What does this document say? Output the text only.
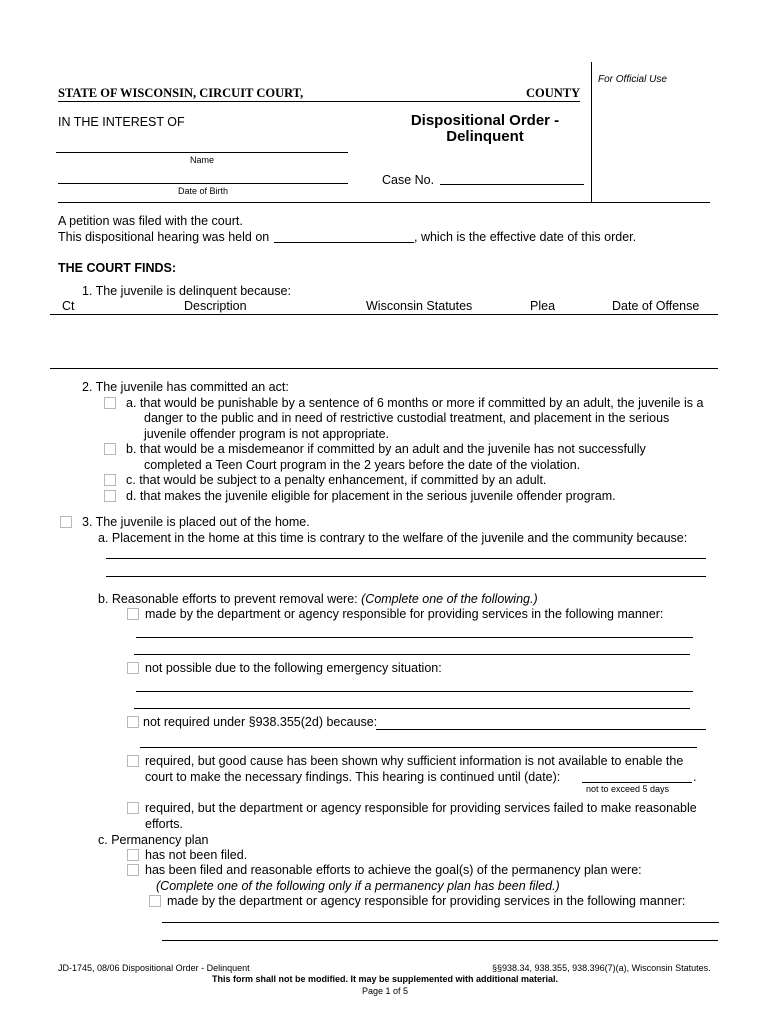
For Official Use
STATE OF WISCONSIN, CIRCUIT COURT,	COUNTY
IN THE INTEREST OF	Dispositional Order -
Delinquent
Name
Date of Birth
Case No.
A petition was filed with the court.
This dispositional hearing was held on	, which is the effective date of this order.
THE COURT FINDS:
1. The juvenile is delinquent because:
Ct	Description	Wisconsin Statutes	Plea	Date of Offense
2. The juvenile has committed an act:
a. that would be punishable by a sentence of 6 months or more if committed by an adult, the juvenile is a
danger to the public and in need of restrictive custodial treatment, and placement in the serious
juvenile offender program is not appropriate.
b. that would be a misdemeanor if committed by an adult and the juvenile has not successfully
completed a Teen Court program in the 2 years before the date of the violation.
c. that would be subject to a penalty enhancement, if committed by an adult.
d. that makes the juvenile eligible for placement in the serious juvenile offender program.
3. The juvenile is placed out of the home.
a. Placement in the home at this time is contrary to the welfare of the juvenile and the community because:
b. Reasonable efforts to prevent removal were: (Complete one of the following.)
made by the department or agency responsible for providing services in the following manner:
not possible due to the following emergency situation:
not required under §938.355(2d) because:
required, but good cause has been shown why sufficient information is not available to enable the
court to make the necessary findings. This hearing is continued until (date):	.
not to exceed 5 days
required, but the department or agency responsible for providing services failed to make reasonable
efforts.
c. Permanency plan
has not been filed.
has been filed and reasonable efforts to achieve the goal(s) of the permanency plan were:
(Complete one of the following only if a permanency plan has been filed.)
made by the department or agency responsible for providing services in the following manner:
JD-1745, 08/06 Dispositional Order - Delinquent	§§938.34, 938.355, 938.396(7)(a), Wisconsin Statutes.
This form shall not be modified. It may be supplemented with additional material.
Page 1 of 5
